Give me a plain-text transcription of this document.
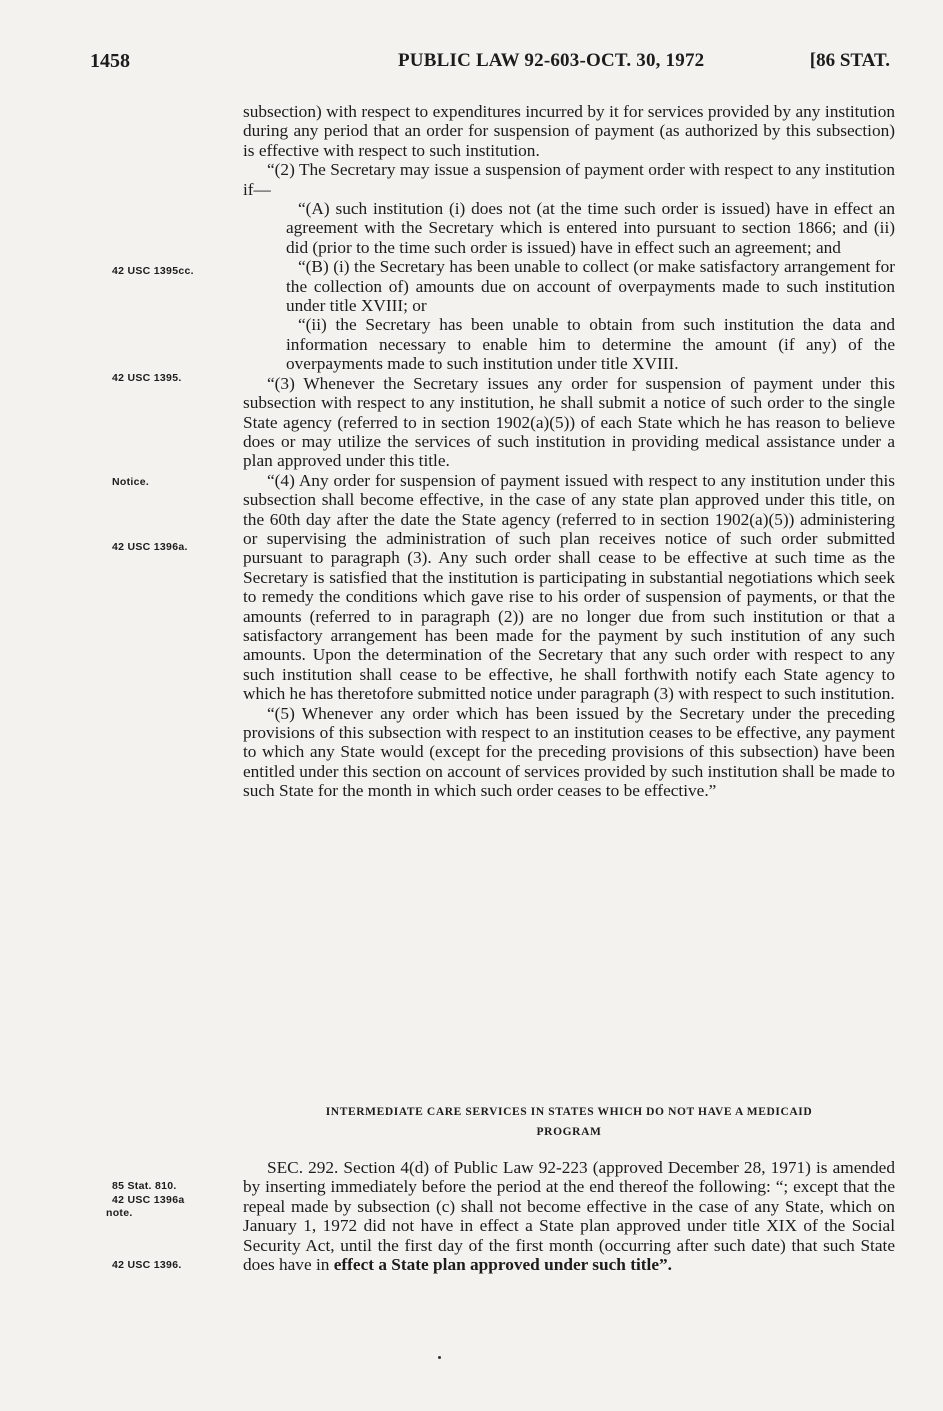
1458	PUBLIC LAW 92-603-OCT. 30, 1972	[86 STAT.
42 USC 1395cc.
42 USC 1395.
Notice.
42 USC 1396a.
85 Stat. 810.
42 USC 1396a
note.
42 USC 1396.

subsection) with respect to expenditures incurred by it for services provided by any institution during any period that an order for suspension of payment (as authorized by this subsection) is effective with respect to such institution.

“(2) The Secretary may issue a suspension of payment order with respect to any institution if—

“(A) such institution (i) does not (at the time such order is issued) have in effect an agreement with the Secretary which is entered into pursuant to section 1866; and (ii) did (prior to the time such order is issued) have in effect such an agreement; and

“(B) (i) the Secretary has been unable to collect (or make satisfactory arrangement for the collection of) amounts due on account of overpayments made to such institution under title XVIII; or

“(ii) the Secretary has been unable to obtain from such institution the data and information necessary to enable him to determine the amount (if any) of the overpayments made to such institution under title XVIII.

“(3) Whenever the Secretary issues any order for suspension of payment under this subsection with respect to any institution, he shall submit a notice of such order to the single State agency (referred to in section 1902(a)(5)) of each State which he has reason to believe does or may utilize the services of such institution in providing medical assistance under a plan approved under this title.

“(4) Any order for suspension of payment issued with respect to any institution under this subsection shall become effective, in the case of any state plan approved under this title, on the 60th day after the date the State agency (referred to in section 1902(a)(5)) administering or supervising the administration of such plan receives notice of such order submitted pursuant to paragraph (3). Any such order shall cease to be effective at such time as the Secretary is satisfied that the institution is participating in substantial negotiations which seek to remedy the conditions which gave rise to his order of suspension of payments, or that the amounts (referred to in paragraph (2)) are no longer due from such institution or that a satisfactory arrangement has been made for the payment by such institution of any such amounts. Upon the determination of the Secretary that any such order with respect to any such institution shall cease to be effective, he shall forthwith notify each State agency to which he has theretofore submitted notice under paragraph (3) with respect to such institution.

“(5) Whenever any order which has been issued by the Secretary under the preceding provisions of this subsection with respect to an institution ceases to be effective, any payment to which any State would (except for the preceding provisions of this subsection) have been entitled under this section on account of services provided by such institution shall be made to such State for the month in which such order ceases to be effective.”

INTERMEDIATE CARE SERVICES IN STATES WHICH DO NOT HAVE A MEDICAID
PROGRAM

SEC. 292. Section 4(d) of Public Law 92-223 (approved December 28, 1971) is amended by inserting immediately before the period at the end thereof the following: “; except that the repeal made by subsection (c) shall not become effective in the case of any State, which on January 1, 1972 did not have in effect a State plan approved under title XIX of the Social Security Act, until the first day of the first month (occurring after such date) that such State does have in effect a State plan approved under such title”.
